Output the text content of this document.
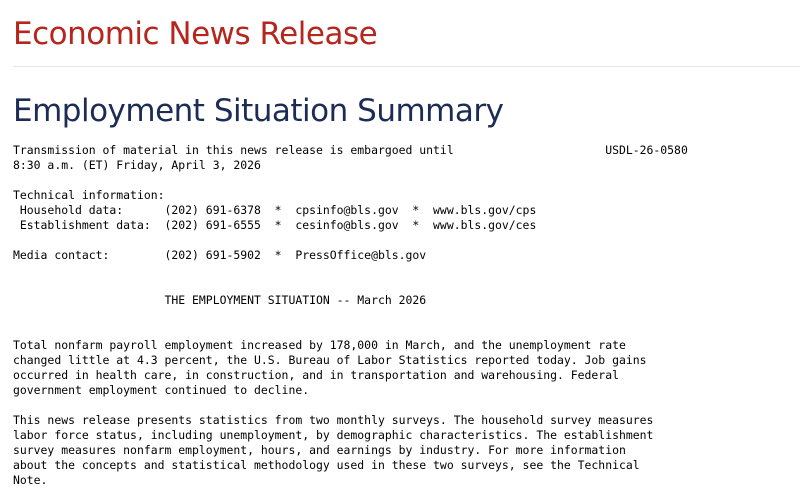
Economic News Release
Employment Situation Summary
Transmission of material in this news release is embargoed until                      USDL-26-0580
8:30 a.m. (ET) Friday, April 3, 2026

Technical information:
Household data:      (202) 691-6378  *  cpsinfo@bls.gov  *  www.bls.gov/cps
Establishment data:  (202) 691-6555  *  cesinfo@bls.gov  *  www.bls.gov/ces

Media contact:        (202) 691-5902  *  PressOffice@bls.gov

THE EMPLOYMENT SITUATION -- March 2026

Total nonfarm payroll employment increased by 178,000 in March, and the unemployment rate
changed little at 4.3 percent, the U.S. Bureau of Labor Statistics reported today. Job gains
occurred in health care, in construction, and in transportation and warehousing. Federal
government employment continued to decline.

This news release presents statistics from two monthly surveys. The household survey measures
labor force status, including unemployment, by demographic characteristics. The establishment
survey measures nonfarm employment, hours, and earnings by industry. For more information
about the concepts and statistical methodology used in these two surveys, see the Technical
Note.
